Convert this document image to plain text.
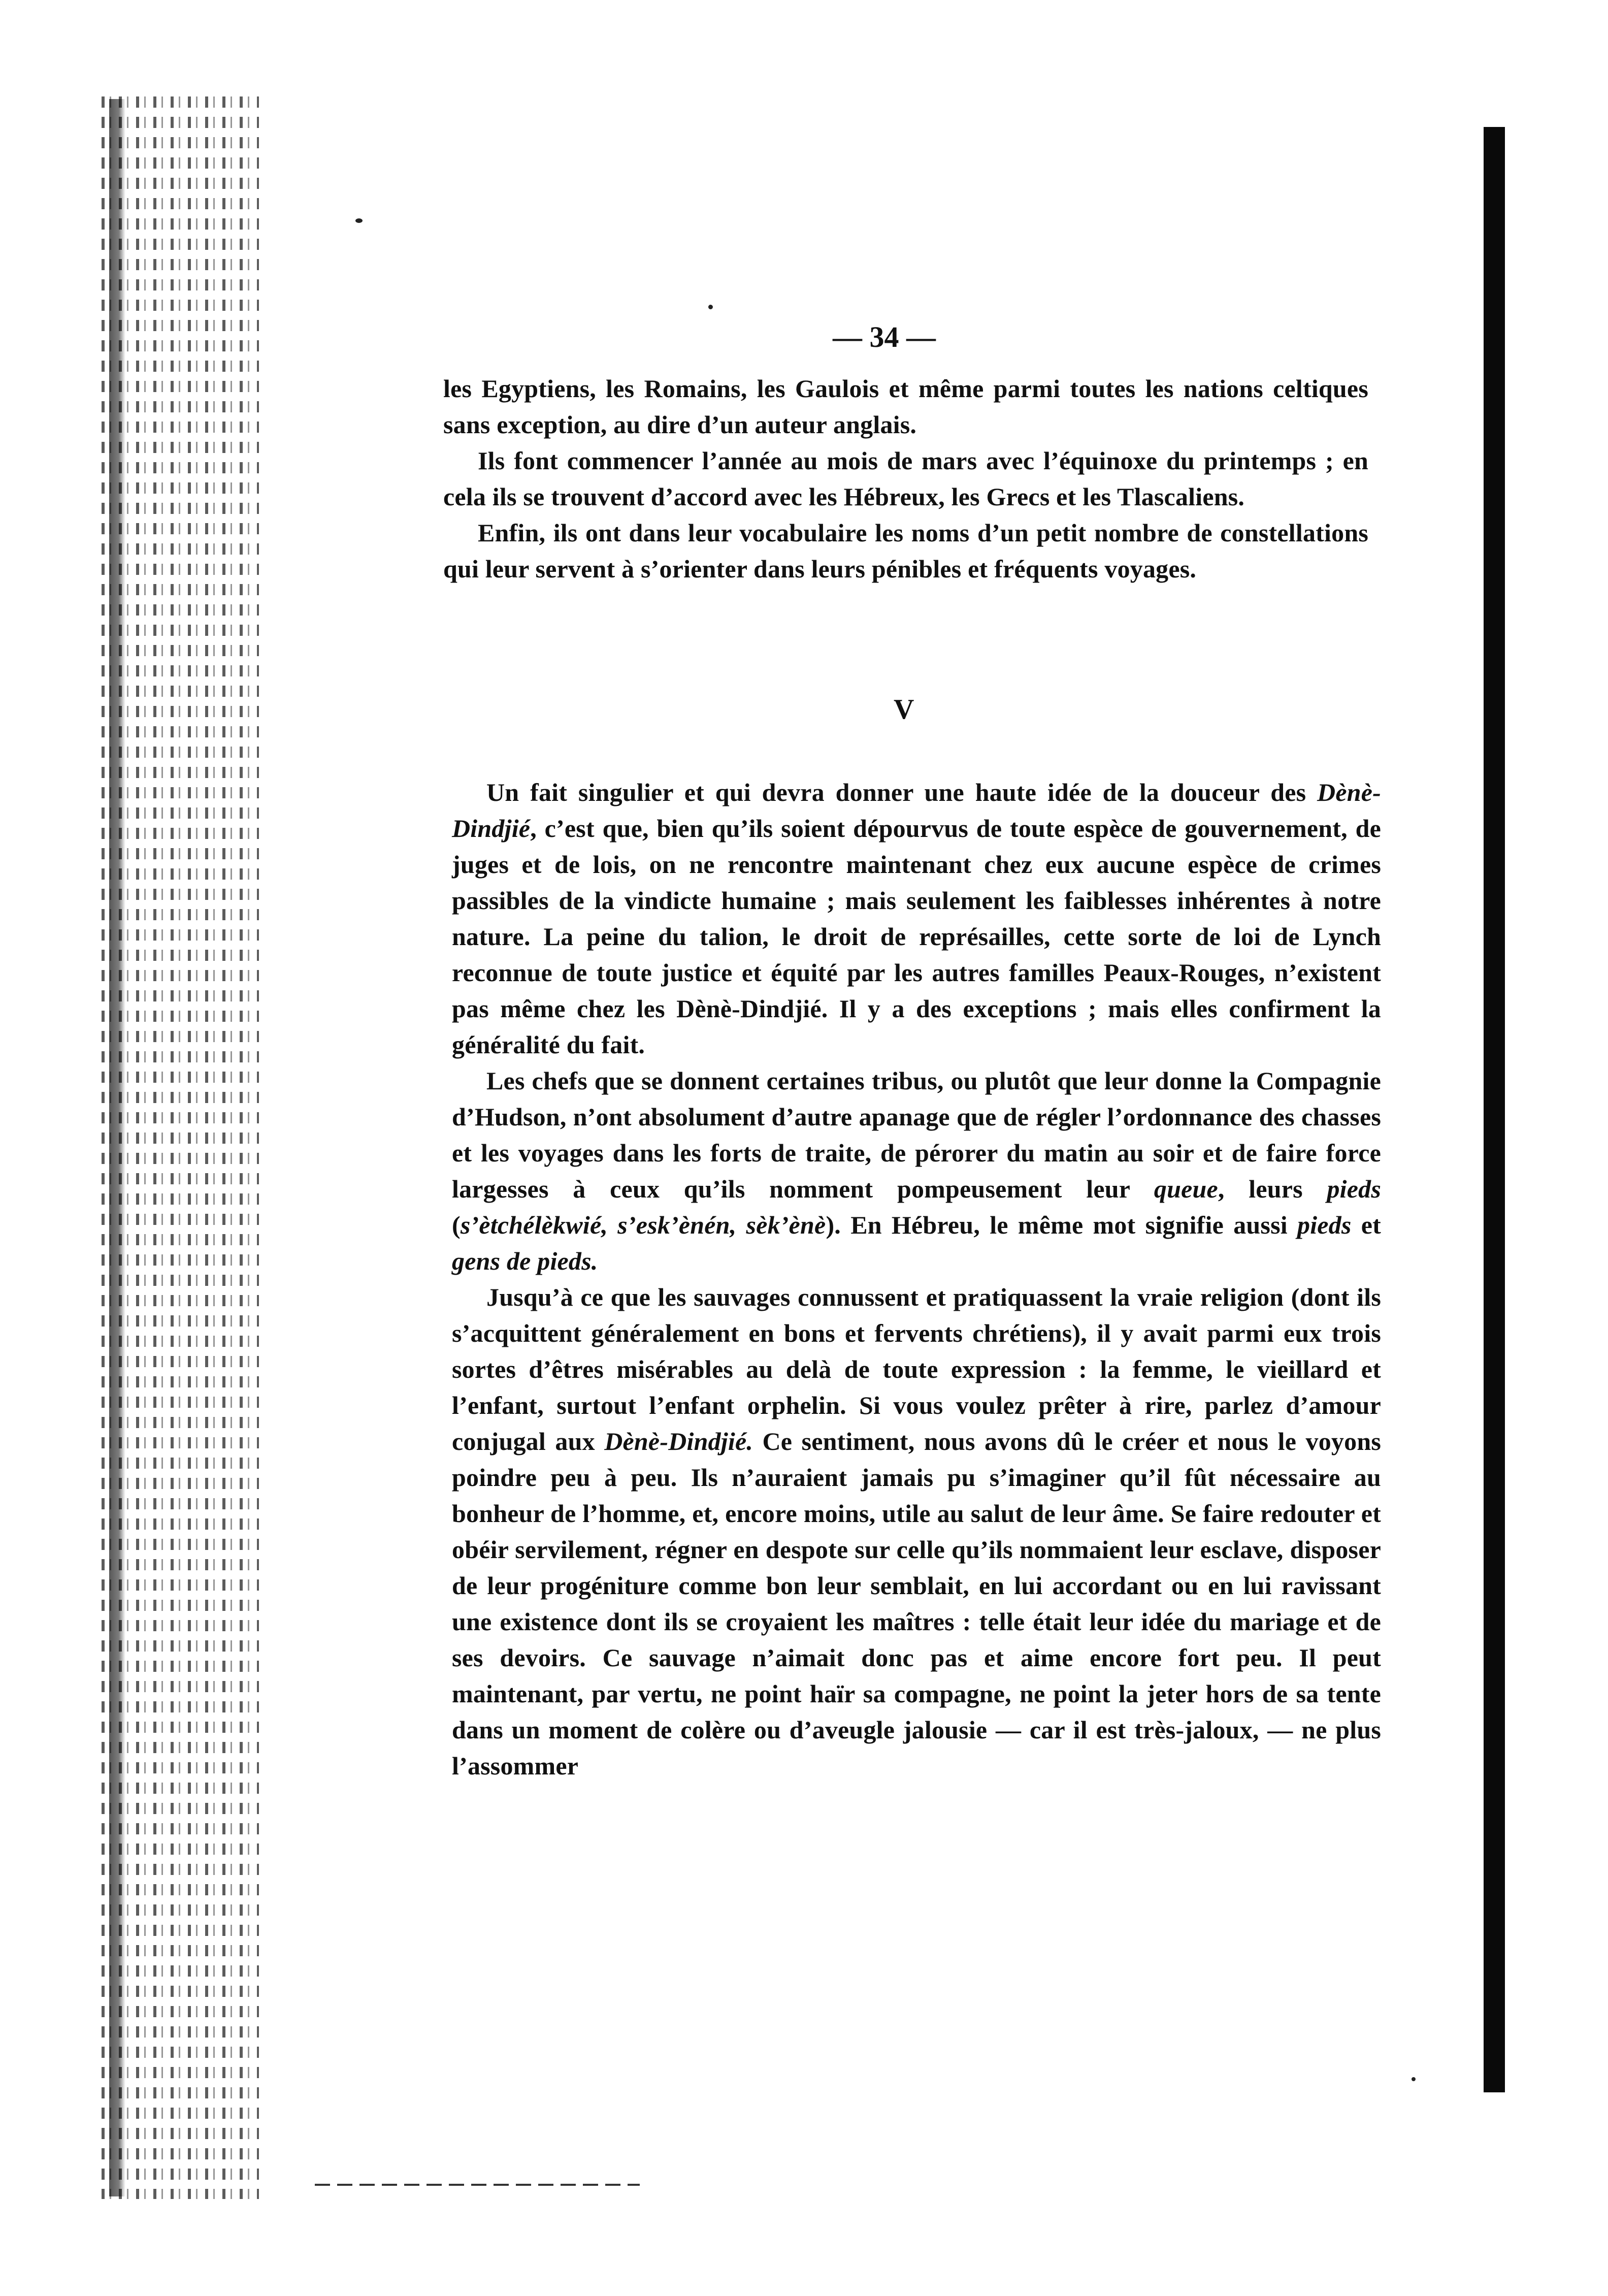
— 34 —

les Egyptiens, les Romains, les Gaulois et même parmi toutes les nations celtiques sans exception, au dire d’un auteur anglais.

Ils font commencer l’année au mois de mars avec l’équinoxe du printemps ; en cela ils se trouvent d’accord avec les Hébreux, les Grecs et les Tlascaliens.

Enfin, ils ont dans leur vocabulaire les noms d’un petit nombre de constellations qui leur servent à s’orienter dans leurs pénibles et fréquents voyages.

V

Un fait singulier et qui devra donner une haute idée de la douceur des Dènè-Dindjié, c’est que, bien qu’ils soient dépourvus de toute espèce de gouvernement, de juges et de lois, on ne rencontre maintenant chez eux aucune espèce de crimes passibles de la vindicte humaine ; mais seulement les faiblesses inhérentes à notre nature. La peine du talion, le droit de représailles, cette sorte de loi de Lynch reconnue de toute justice et équité par les autres familles Peaux-Rouges, n’existent pas même chez les Dènè-Dindjié. Il y a des exceptions ; mais elles confirment la généralité du fait.

Les chefs que se donnent certaines tribus, ou plutôt que leur donne la Compagnie d’Hudson, n’ont absolument d’autre apanage que de régler l’ordonnance des chasses et les voyages dans les forts de traite, de pérorer du matin au soir et de faire force largesses à ceux qu’ils nomment pompeusement leur queue, leurs pieds (s’ètchélèkwié, s’esk’ènén, sèk’ènè). En Hébreu, le même mot signifie aussi pieds et gens de pieds.

Jusqu’à ce que les sauvages connussent et pratiquassent la vraie religion (dont ils s’acquittent généralement en bons et fervents chrétiens), il y avait parmi eux trois sortes d’êtres misérables au delà de toute expression : la femme, le vieillard et l’enfant, surtout l’enfant orphelin. Si vous voulez prêter à rire, parlez d’amour conjugal aux Dènè-Dindjié. Ce sentiment, nous avons dû le créer et nous le voyons poindre peu à peu. Ils n’auraient jamais pu s’imaginer qu’il fût nécessaire au bonheur de l’homme, et, encore moins, utile au salut de leur âme. Se faire redouter et obéir servilement, régner en despote sur celle qu’ils nommaient leur esclave, disposer de leur progéniture comme bon leur semblait, en lui accordant ou en lui ravissant une existence dont ils se croyaient les maîtres : telle était leur idée du mariage et de ses devoirs. Ce sauvage n’aimait donc pas et aime encore fort peu. Il peut maintenant, par vertu, ne point haïr sa compagne, ne point la jeter hors de sa tente dans un moment de colère ou d’aveugle jalousie — car il est très-jaloux, — ne plus l’assommer
